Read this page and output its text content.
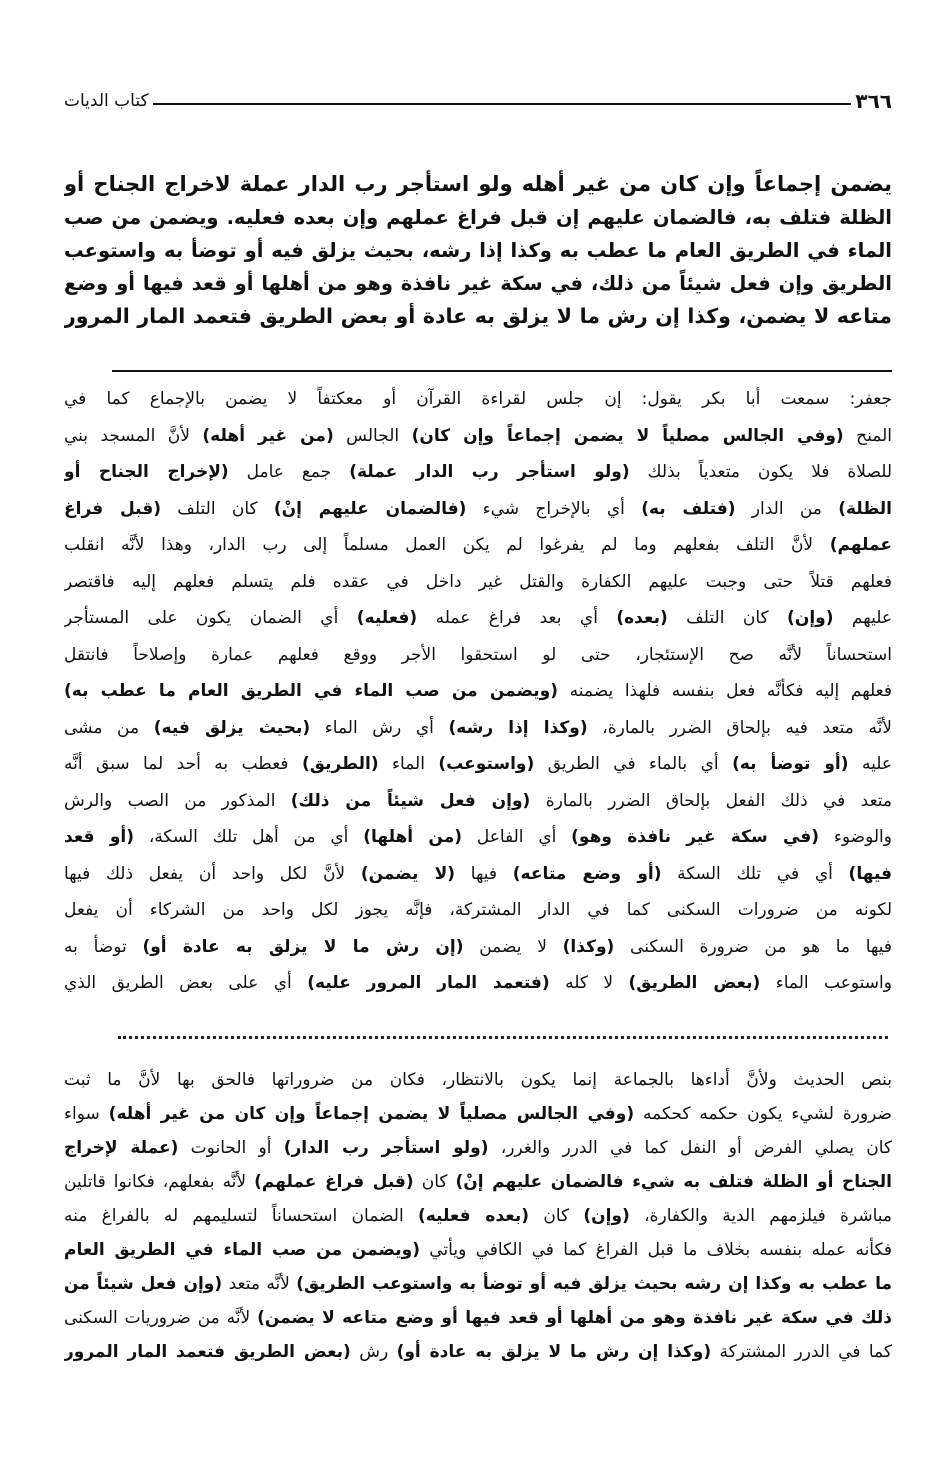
٣٦٦
كتاب الديات
يضمن إجماعاً وإن كان من غير أهله ولو استأجر رب الدار عملة لاخراج الجناح أو
الظلة فتلف به، فالضمان عليهم إن قبل فراغ عملهم وإن بعده فعليه. ويضمن من صب
الماء في الطريق العام ما عطب به وكذا إذا رشه، بحيث يزلق فيه أو توضأ به واستوعب
الطريق وإن فعل شيئاً من ذلك، في سكة غير نافذة وهو من أهلها أو قعد فيها أو وضع
متاعه لا يضمن، وكذا إن رش ما لا يزلق به عادة أو بعض الطريق فتعمد المار المرور
جعفر: سمعت أبا بكر يقول: إن جلس لقراءة القرآن أو معكتفاً لا يضمن بالإجماع كما في
المنح (وفي الجالس مصلياً لا يضمن إجماعاً وإن كان) الجالس (من غير أهله) لأنَّ المسجد بني
للصلاة فلا يكون متعدياً بذلك (ولو استأجر رب الدار عملة) جمع عامل (لإخراج الجناح أو
الظلة) من الدار (فتلف به) أي بالإخراج شيء (فالضمان عليهم إنْ) كان التلف (قبل فراغ
عملهم) لأنَّ التلف بفعلهم وما لم يفرغوا لم يكن العمل مسلماً إلى رب الدار، وهذا لأنَّه انقلب
فعلهم قتلاً حتى وجبت عليهم الكفارة والقتل غير داخل في عقده فلم يتسلم فعلهم إليه فاقتصر
عليهم (وإن) كان التلف (بعده) أي بعد فراغ عمله (فعليه) أي الضمان يكون على المستأجر
استحساناً لأنَّه صح الإستئجار، حتى لو استحقوا الأجر ووقع فعلهم عمارة وإصلاحاً فانتقل
فعلهم إليه فكأنَّه فعل بنفسه فلهذا يضمنه (ويضمن من صب الماء في الطريق العام ما عطب به)
لأنَّه متعد فيه بإلحاق الضرر بالمارة، (وكذا إذا رشه) أي رش الماء (بحيث يزلق فيه) من مشى
عليه (أو توضأ به) أي بالماء في الطريق (واستوعب) الماء (الطريق) فعطب به أحد لما سبق أنَّه
متعد في ذلك الفعل بإلحاق الضرر بالمارة (وإن فعل شيئاً من ذلك) المذكور من الصب والرش
والوضوء (في سكة غير نافذة وهو) أي الفاعل (من أهلها) أي من أهل تلك السكة، (أو قعد
فيها) أي في تلك السكة (أو وضع متاعه) فيها (لا يضمن) لأنَّ لكل واحد أن يفعل ذلك فيها
لكونه من ضرورات السكنى كما في الدار المشتركة، فإنَّه يجوز لكل واحد من الشركاء أن يفعل
فيها ما هو من ضرورة السكنى (وكذا) لا يضمن (إن رش ما لا يزلق به عادة أو) توضأ به
واستوعب الماء (بعض الطريق) لا كله (فتعمد المار المرور عليه) أي على بعض الطريق الذي
بنص الحديث ولأنَّ أداءها بالجماعة إنما يكون بالانتظار، فكان من ضروراتها فالحق بها لأنَّ ما ثبت
ضرورة لشيء يكون حكمه كحكمه (وفي الجالس مصلياً لا يضمن إجماعاً وإن كان من غير أهله) سواء
كان يصلي الفرض أو النفل كما في الدرر والغرر، (ولو استأجر رب الدار) أو الحانوت (عملة لإخراج
الجناح أو الظلة فتلف به شيء فالضمان عليهم إنْ) كان (قبل فراغ عملهم) لأنَّه بفعلهم، فكانوا قاتلين
مباشرة فيلزمهم الدية والكفارة، (وإن) كان (بعده فعليه) الضمان استحساناً لتسليمهم له بالفراغ منه
فكأنه عمله بنفسه بخلاف ما قبل الفراغ كما في الكافي ويأتي (ويضمن من صب الماء في الطريق العام
ما عطب به وكذا إن رشه بحيث يزلق فيه أو توضأ به واستوعب الطريق) لأنَّه متعد (وإن فعل شيئاً من
ذلك في سكة غير نافذة وهو من أهلها أو قعد فيها أو وضع متاعه لا يضمن) لأنَّه من ضروريات السكنى
كما في الدرر المشتركة (وكذا إن رش ما لا يزلق به عادة أو) رش (بعض الطريق فتعمد المار المرور
